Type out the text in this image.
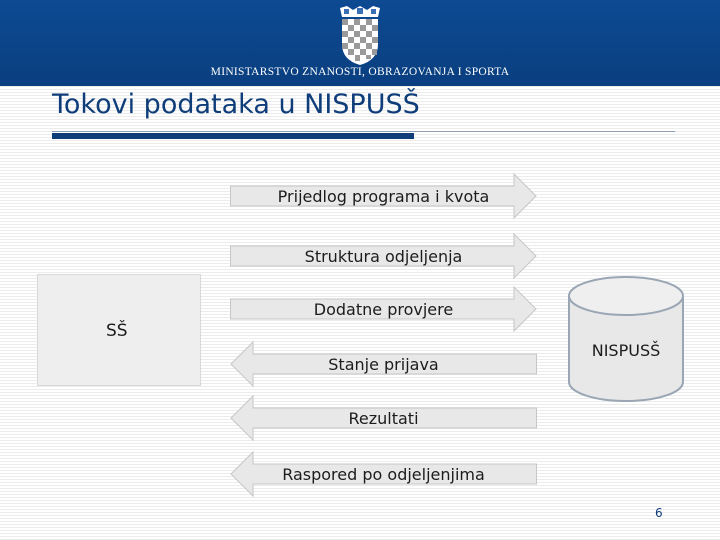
MINISTARSTVO ZNANOSTI, OBRAZOVANJA I SPORTA
Tokovi podataka u NISPUSŠ
SŠ
Prijedlog programa i kvota
Struktura odjeljenja
Dodatne provjere
Stanje prijava
Rezultati
Raspored po odjeljenjima
NISPUSŠ
6
